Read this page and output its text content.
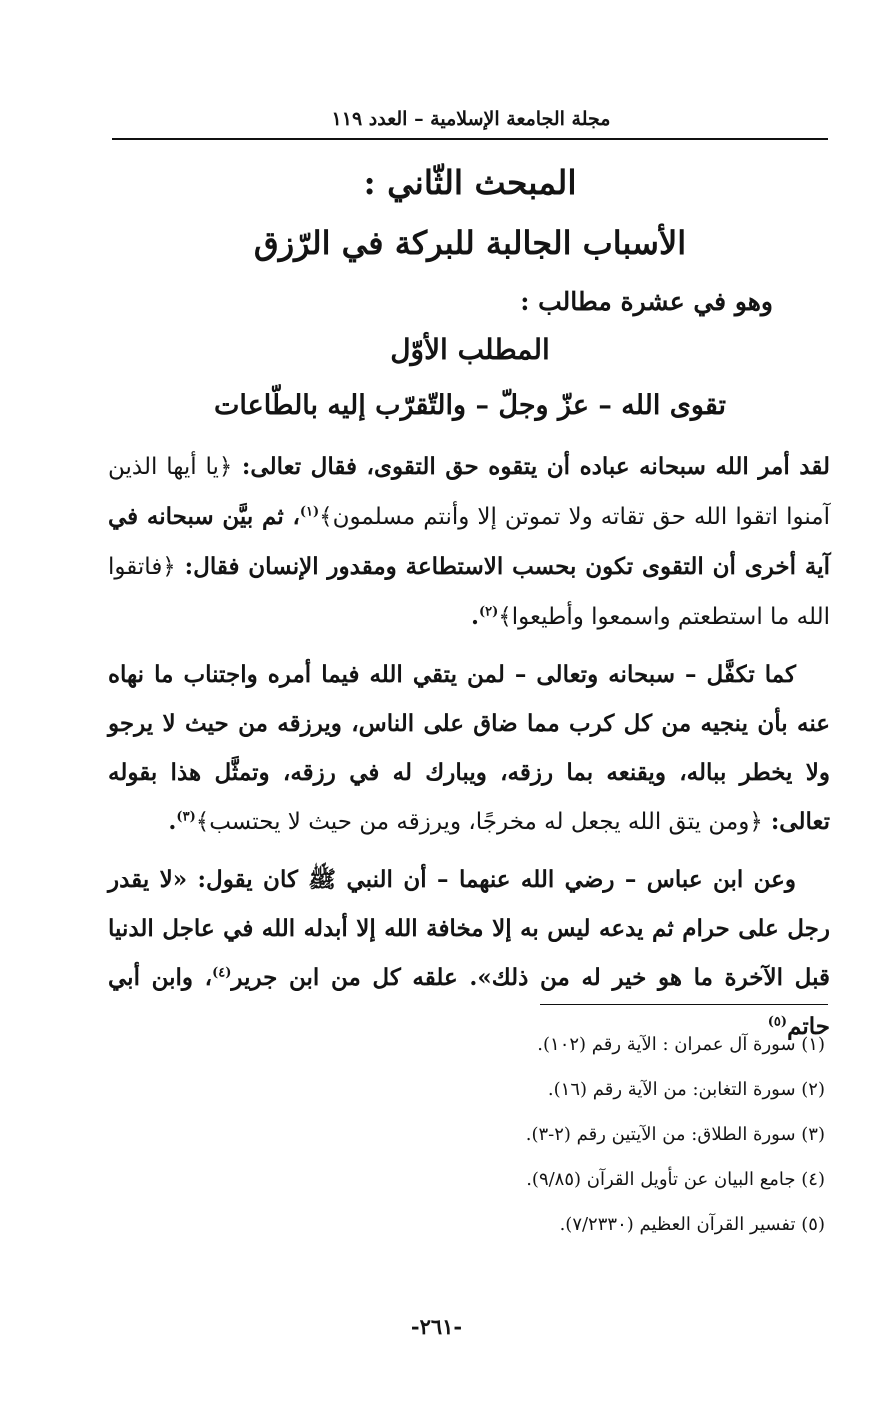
مجلة الجامعة الإسلامية – العدد ١١٩
المبحث الثّاني :
الأسباب الجالبة للبركة في الرّزق
وهو في عشرة مطالب :
المطلب الأوّل
تقوى الله – عزّ وجلّ – والتّقرّب إليه بالطّاعات

لقد أمر الله سبحانه عباده أن يتقوه حق التقوى، فقال تعالى: ﴿يا أيها الذين آمنوا اتقوا الله حق تقاته ولا تموتن إلا وأنتم مسلمون﴾$^{(١)}$، ثم بيَّن سبحانه في آية أخرى أن التقوى تكون بحسب الاستطاعة ومقدور الإنسان فقال: ﴿فاتقوا الله ما استطعتم واسمعوا وأطيعوا﴾$^{(٢)}$.

كما تكفَّل – سبحانه وتعالى – لمن يتقي الله فيما أمره واجتناب ما نهاه عنه بأن ينجيه من كل كرب مما ضاق على الناس، ويرزقه من حيث لا يرجو ولا يخطر بباله، ويقنعه بما رزقه، ويبارك له في رزقه، وتمثَّل هذا بقوله تعالى: ﴿ومن يتق الله يجعل له مخرجًا، ويرزقه من حيث لا يحتسب﴾$^{(٣)}$.

وعن ابن عباس – رضي الله عنهما – أن النبي ﷺ كان يقول: «لا يقدر رجل على حرام ثم يدعه ليس به إلا مخافة الله إلا أبدله الله في عاجل الدنيا قبل الآخرة ما هو خير له من ذلك». علقه كل من ابن جرير$^{(٤)}$، وابن أبي حاتم$^{(٥)}$

(١) سورة آل عمران : الآية رقم (١٠٢).
(٢) سورة التغابن: من الآية رقم (١٦).
(٣) سورة الطلاق: من الآيتين رقم (٢-٣).
(٤) جامع البيان عن تأويل القرآن (٩/٨٥).
(٥) تفسير القرآن العظيم (٧/٢٣٣٠).
-٢٦١-
